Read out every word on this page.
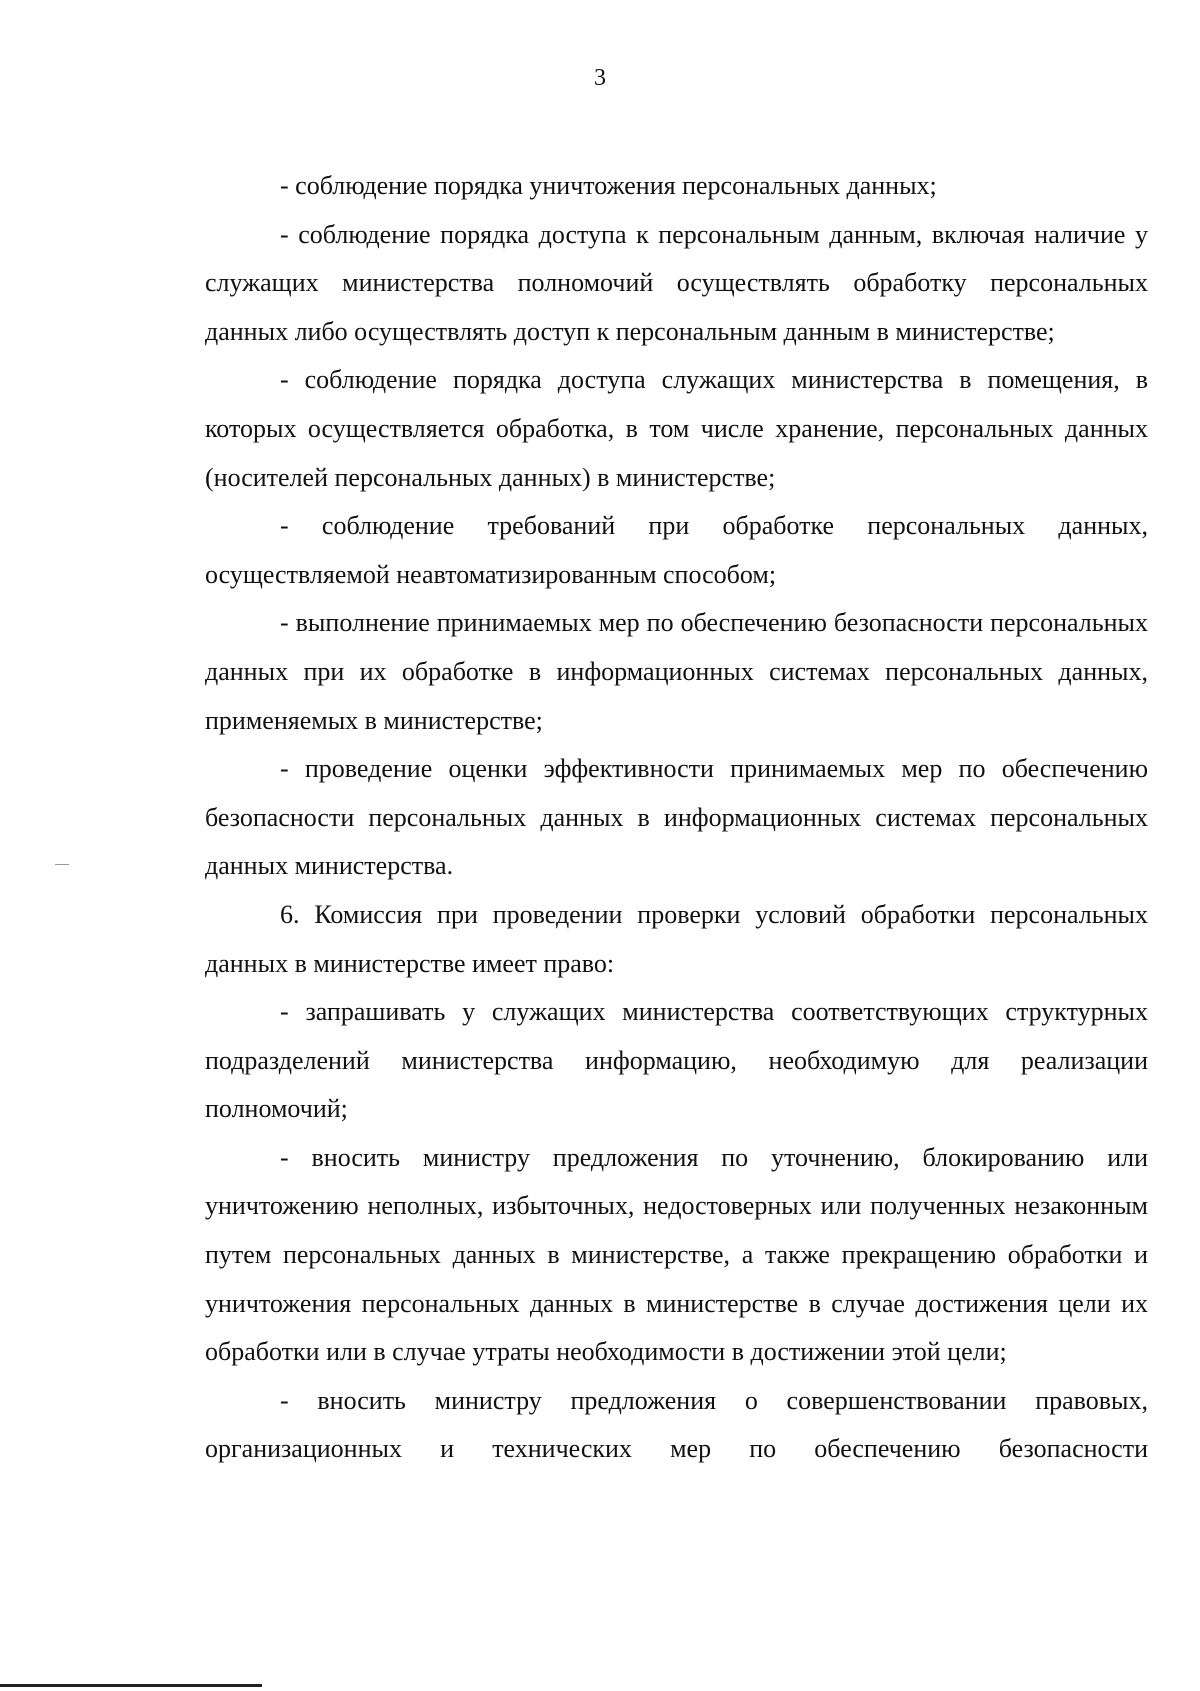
3

- соблюдение порядка уничтожения персональных данных;

- соблюдение порядка доступа к персональным данным, включая наличие у служащих министерства полномочий осуществлять обработку персональных данных либо осуществлять доступ к персональным данным в министерстве;

- соблюдение порядка доступа служащих министерства в помещения, в которых осуществляется обработка, в том числе хранение, персональных данных (носителей персональных данных) в министерстве;

- соблюдение требований при обработке персональных данных, осуществляемой неавтоматизированным способом;

- выполнение принимаемых мер по обеспечению безопасности персональных данных при их обработке в информационных системах персональных данных, применяемых в министерстве;

- проведение оценки эффективности принимаемых мер по обеспечению безопасности персональных данных в информационных системах персональных данных министерства.

6. Комиссия при проведении проверки условий обработки персональных данных в министерстве имеет право:

- запрашивать у служащих министерства соответствующих структурных подразделений министерства информацию, необходимую для реализации полномочий;

- вносить министру предложения по уточнению, блокированию или уничтожению неполных, избыточных, недостоверных или полученных незаконным путем персональных данных в министерстве, а также прекращению обработки и уничтожения персональных данных в министерстве в случае достижения цели их обработки или в случае утраты необходимости в достижении этой цели;

- вносить министру предложения о совершенствовании правовых, организационных и технических мер по обеспечению безопасности
